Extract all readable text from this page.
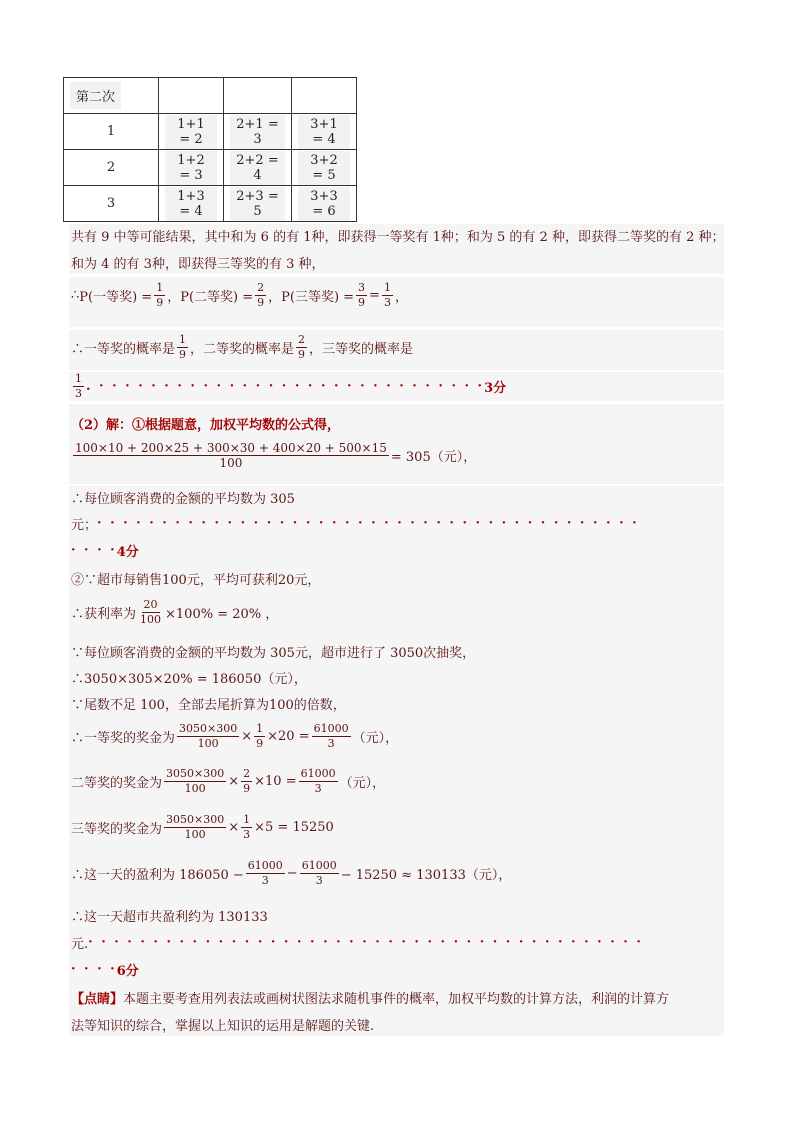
第二次			
1	1+1 = 2	2+1 = 3	3+1 = 4
2	1+2 = 3	2+2 = 4	3+2 = 5
3	1+3 = 4	2+3 = 5	3+3 = 6
共有 9 中等可能结果，其中和为 6 的有 1种，即获得一等奖有 1种；和为 5 的有 2 种，即获得二等奖的有 2 种；
和为 4 的有 3种，即获得三等奖的有 3 种，
∴ P(一等奖) = $\frac{1}{9}$ ，P(二等奖) = $\frac{2}{9}$ ，P(三等奖) = $\frac{3}{9} = \frac{1}{3}$ ，
∴一等奖的概率是 $\frac{1}{9}$ ，二等奖的概率是 $\frac{2}{9}$ ，三等奖的概率是
$\frac{1}{3}$ . · · · · · · · · · · · · · · · · · · · · · · · · · · · · · · 3分
（2）解：①根据题意，加权平均数的公式得，
$\frac{100\times 10 + 200\times 25 + 300\times 30 + 400\times 20 + 500\times 15}{100} = 305$（元），
∴每位顾客消费的金额的平均数为 305
元； · · · · · · · · · · · · · · · · · · · · · · · · · · · · · · · · · · · · · · · · · ·
· · · · 4分
②∵超市每销售100元，平均可获利20元，
∴获利率为 $\frac{20}{100} \times 100\% = 20\%$ ，
∵每位顾客消费的金额的平均数为 305元，超市进行了 3050次抽奖，
∴3050×305×20% = 186050（元），
∵尾数不足 100，全部去尾折算为100的倍数，
∴一等奖的奖金为 $\frac{3050\times 300}{100} \times \frac{1}{9} \times 20 = \frac{61000}{3}$ （元），
二等奖的奖金为 $\frac{3050\times 300}{100} \times \frac{2}{9} \times 10 = \frac{61000}{3}$ （元），
三等奖的奖金为 $\frac{3050\times 300}{100} \times \frac{1}{3} \times 5 = 15250$
∴这一天的盈利为 $186050 - \frac{61000}{3} - \frac{61000}{3} - 15250 \approx 130133$（元），
∴这一天超市共盈利约为 130133
元. · · · · · · · · · · · · · · · · · · · · · · · · · · · · · · · · · · · · · · · · · · ·
· · · · 6分
【点睛】 本题主要考查用列表法或画树状图法求随机事件的概率，加权平均数的计算方法，利润的计算方
法等知识的综合，掌握以上知识的运用是解题的关键.
